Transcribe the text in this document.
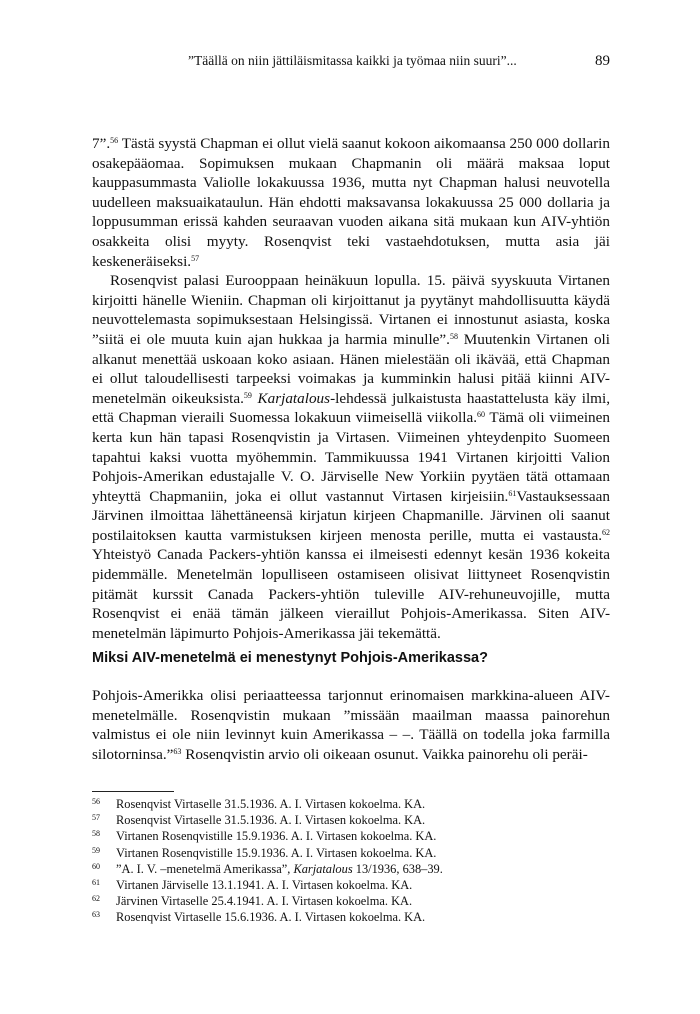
”Täällä on niin jättiläismitassa kaikki ja työmaa niin suuri”...	89

7”.$^{56}$ Tästä syystä Chapman ei ollut vielä saanut kokoon aikomaansa 250 000 dollarin osakepääomaa. Sopimuksen mukaan Chapmanin oli määrä maksaa loput kauppasummasta Valiolle lokakuussa 1936, mutta nyt Chapman halusi neuvotella uudelleen maksuaikataulun. Hän ehdotti maksavansa lokakuussa 25 000 dollaria ja loppusumman erissä kahden seuraavan vuoden aikana sitä mukaan kun AIV-yhtiön osakkeita olisi myyty. Rosenqvist teki vastaehdotuksen, mutta asia jäi keskeneräiseksi.$^{57}$

Rosenqvist palasi Eurooppaan heinäkuun lopulla. 15. päivä syyskuuta Virtanen kirjoitti hänelle Wieniin. Chapman oli kirjoittanut ja pyytänyt mahdollisuutta käydä neuvottelemasta sopimuksestaan Helsingissä. Virtanen ei innostunut asiasta, koska ”siitä ei ole muuta kuin ajan hukkaa ja harmia minulle”.$^{58}$ Muutenkin Virtanen oli alkanut menettää uskoaan koko asiaan. Hänen mielestään oli ikävää, että Chapman ei ollut taloudellisesti tarpeeksi voimakas ja kumminkin halusi pitää kiinni AIV-menetelmän oikeuksista.$^{59}$ Karjatalous-lehdessä julkaistusta haastattelusta käy ilmi, että Chapman vieraili Suomessa lokakuun viimeisellä viikolla.$^{60}$ Tämä oli viimeinen kerta kun hän tapasi Rosenqvistin ja Virtasen. Viimeinen yhteydenpito Suomeen tapahtui kaksi vuotta myöhemmin. Tammikuussa 1941 Virtanen kirjoitti Valion Pohjois-Amerikan edustajalle V. O. Järviselle New Yorkiin pyytäen tätä ottamaan yhteyttä Chapmaniin, joka ei ollut vastannut Virtasen kirjeisiin.$^{61}$Vastauksessaan Järvinen ilmoittaa lähettäneensä kirjatun kirjeen Chapmanille. Järvinen oli saanut postilaitoksen kautta varmistuksen kirjeen menosta perille, mutta ei vastausta.$^{62}$ Yhteistyö Canada Packers-yhtiön kanssa ei ilmeisesti edennyt kesän 1936 kokeita pidemmälle. Menetelmän lopulliseen ostamiseen olisivat liittyneet Rosenqvistin pitämät kurssit Canada Packers-yhtiön tuleville AIV-rehuneuvojille, mutta Rosenqvist ei enää tämän jälkeen vieraillut Pohjois-Amerikassa. Siten AIV-menetelmän läpimurto Pohjois-Amerikassa jäi tekemättä.

Miksi AIV-menetelmä ei menestynyt Pohjois-Amerikassa?

Pohjois-Amerikka olisi periaatteessa tarjonnut erinomaisen markkina-alueen AIV-menetelmälle. Rosenqvistin mukaan ”missään maailman maassa painorehun valmistus ei ole niin levinnyt kuin Amerikassa – –. Täällä on todella joka farmilla silotorninsa.”$^{63}$ Rosenqvistin arvio oli oikeaan osunut. Vaikka painorehu oli peräi-

56	Rosenqvist Virtaselle 31.5.1936. A. I. Virtasen kokoelma. KA.
57	Rosenqvist Virtaselle 31.5.1936. A. I. Virtasen kokoelma. KA.
58	Virtanen Rosenqvistille 15.9.1936. A. I. Virtasen kokoelma. KA.
59	Virtanen Rosenqvistille 15.9.1936. A. I. Virtasen kokoelma. KA.
60	”A. I. V. –menetelmä Amerikassa”, Karjatalous 13/1936, 638–39.
61	Virtanen Järviselle 13.1.1941. A. I. Virtasen kokoelma. KA.
62	Järvinen Virtaselle 25.4.1941. A. I. Virtasen kokoelma. KA.
63	Rosenqvist Virtaselle 15.6.1936. A. I. Virtasen kokoelma. KA.
